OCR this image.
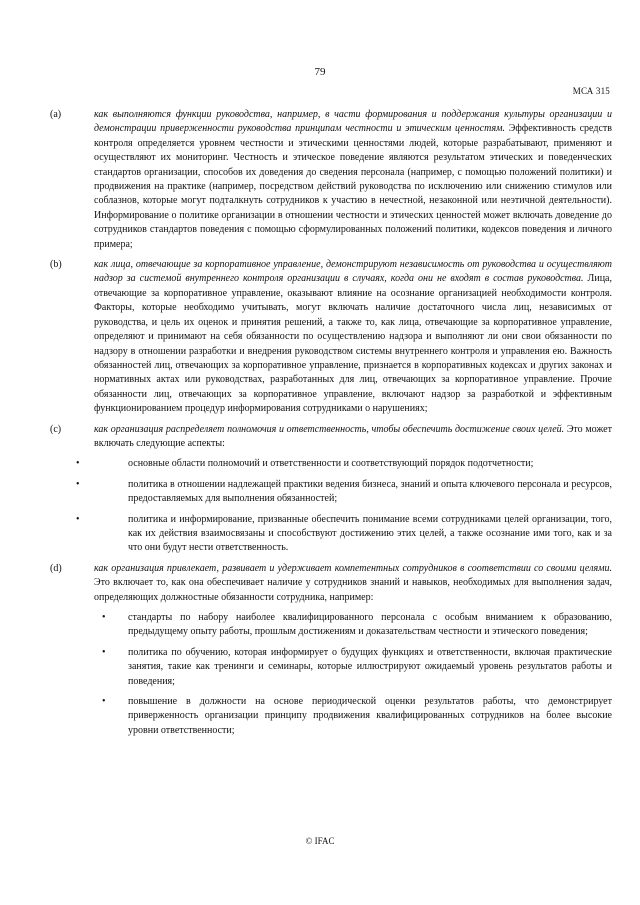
79
МСА 315
(a)	как выполняются функции руководства, например, в части формирования и поддержания культуры организации и демонстрации приверженности руководства принципам честности и этическим ценностям. Эффективность средств контроля определяется уровнем честности и этическими ценностями людей, которые разрабатывают, применяют и осуществляют их мониторинг. Честность и этическое поведение являются результатом этических и поведенческих стандартов организации, способов их доведения до сведения персонала (например, с помощью положений политики) и продвижения на практике (например, посредством действий руководства по исключению или снижению стимулов или соблазнов, которые могут подталкнуть сотрудников к участию в нечестной, незаконной или неэтичной деятельности). Информирование о политике организации в отношении честности и этических ценностей может включать доведение до сотрудников стандартов поведения с помощью сформулированных положений политики, кодексов поведения и личного примера;
(b)	как лица, отвечающие за корпоративное управление, демонстрируют независимость от руководства и осуществляют надзор за системой внутреннего контроля организации в случаях, когда они не входят в состав руководства. Лица, отвечающие за корпоративное управление, оказывают влияние на осознание организацией необходимости контроля. Факторы, которые необходимо учитывать, могут включать наличие достаточного числа лиц, независимых от руководства, и цель их оценок и принятия решений, а также то, как лица, отвечающие за корпоративное управление, определяют и принимают на себя обязанности по осуществлению надзора и выполняют ли они свои обязанности по надзору в отношении разработки и внедрения руководством системы внутреннего контроля и управления ею. Важность обязанностей лиц, отвечающих за корпоративное управление, признается в корпоративных кодексах и других законах и нормативных актах или руководствах, разработанных для лиц, отвечающих за корпоративное управление. Прочие обязанности лиц, отвечающих за корпоративное управление, включают надзор за разработкой и эффективным функционированием процедур информирования сотрудниками о нарушениях;
(c)	как организация распределяет полномочия и ответственность, чтобы обеспечить достижение своих целей. Это может включать следующие аспекты:
•	основные области полномочий и ответственности и соответствующий порядок подотчетности;
•	политика в отношении надлежащей практики ведения бизнеса, знаний и опыта ключевого персонала и ресурсов, предоставляемых для выполнения обязанностей;
•	политика и информирование, призванные обеспечить понимание всеми сотрудниками целей организации, того, как их действия взаимосвязаны и способствуют достижению этих целей, а также осознание ими того, как и за что они будут нести ответственность.
(d)	как организация привлекает, развивает и удерживает компетентных сотрудников в соответствии со своими целями. Это включает то, как она обеспечивает наличие у сотрудников знаний и навыков, необходимых для выполнения задач, определяющих должностные обязанности сотрудника, например:
• стандарты по набору наиболее квалифицированного персонала с особым вниманием к образованию, предыдущему опыту работы, прошлым достижениям и доказательствам честности и этического поведения;
• политика по обучению, которая информирует о будущих функциях и ответственности, включая практические занятия, такие как тренинги и семинары, которые иллюстрируют ожидаемый уровень результатов работы и поведения;
• повышение в должности на основе периодической оценки результатов работы, что демонстрирует приверженность организации принципу продвижения квалифицированных сотрудников на более высокие уровни ответственности;
© IFAC
